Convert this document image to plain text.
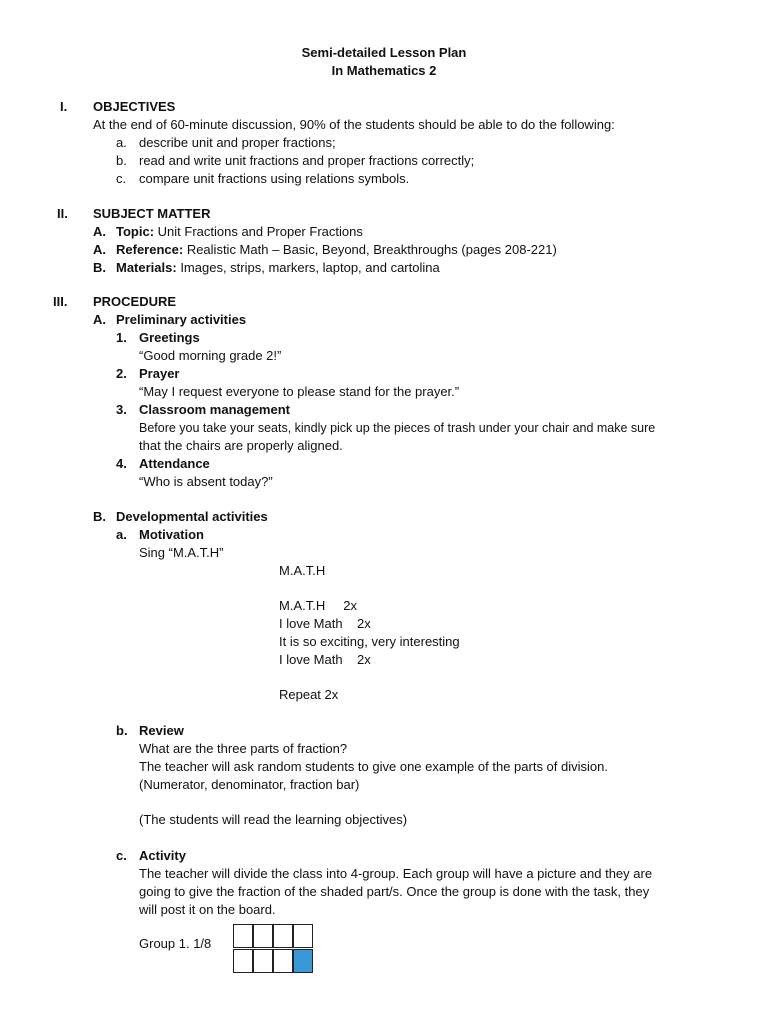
Semi-detailed Lesson Plan
In Mathematics 2
I. OBJECTIVES
At the end of 60-minute discussion, 90% of the students should be able to do the following:
a. describe unit and proper fractions;
b. read and write unit fractions and proper fractions correctly;
c. compare unit fractions using relations symbols.
II. SUBJECT MATTER
A. Topic: Unit Fractions and Proper Fractions
A. Reference: Realistic Math – Basic, Beyond, Breakthroughs (pages 208-221)
B. Materials: Images, strips, markers, laptop, and cartolina
III. PROCEDURE
A. Preliminary activities
1. Greetings
“Good morning grade 2!”
2. Prayer
“May I request everyone to please stand for the prayer.”
3. Classroom management
Before you take your seats, kindly pick up the pieces of trash under your chair and make sure
that the chairs are properly aligned.
4. Attendance
“Who is absent today?”
B. Developmental activities
a. Motivation
Sing “M.A.T.H”
M.A.T.H
M.A.T.H     2x
I love Math    2x
It is so exciting, very interesting
I love Math    2x
Repeat 2x
b. Review
What are the three parts of fraction?
The teacher will ask random students to give one example of the parts of division.
(Numerator, denominator, fraction bar)
(The students will read the learning objectives)
c. Activity
The teacher will divide the class into 4-group. Each group will have a picture and they are
going to give the fraction of the shaded part/s. Once the group is done with the task, they
will post it on the board.
Group 1. 1/8
